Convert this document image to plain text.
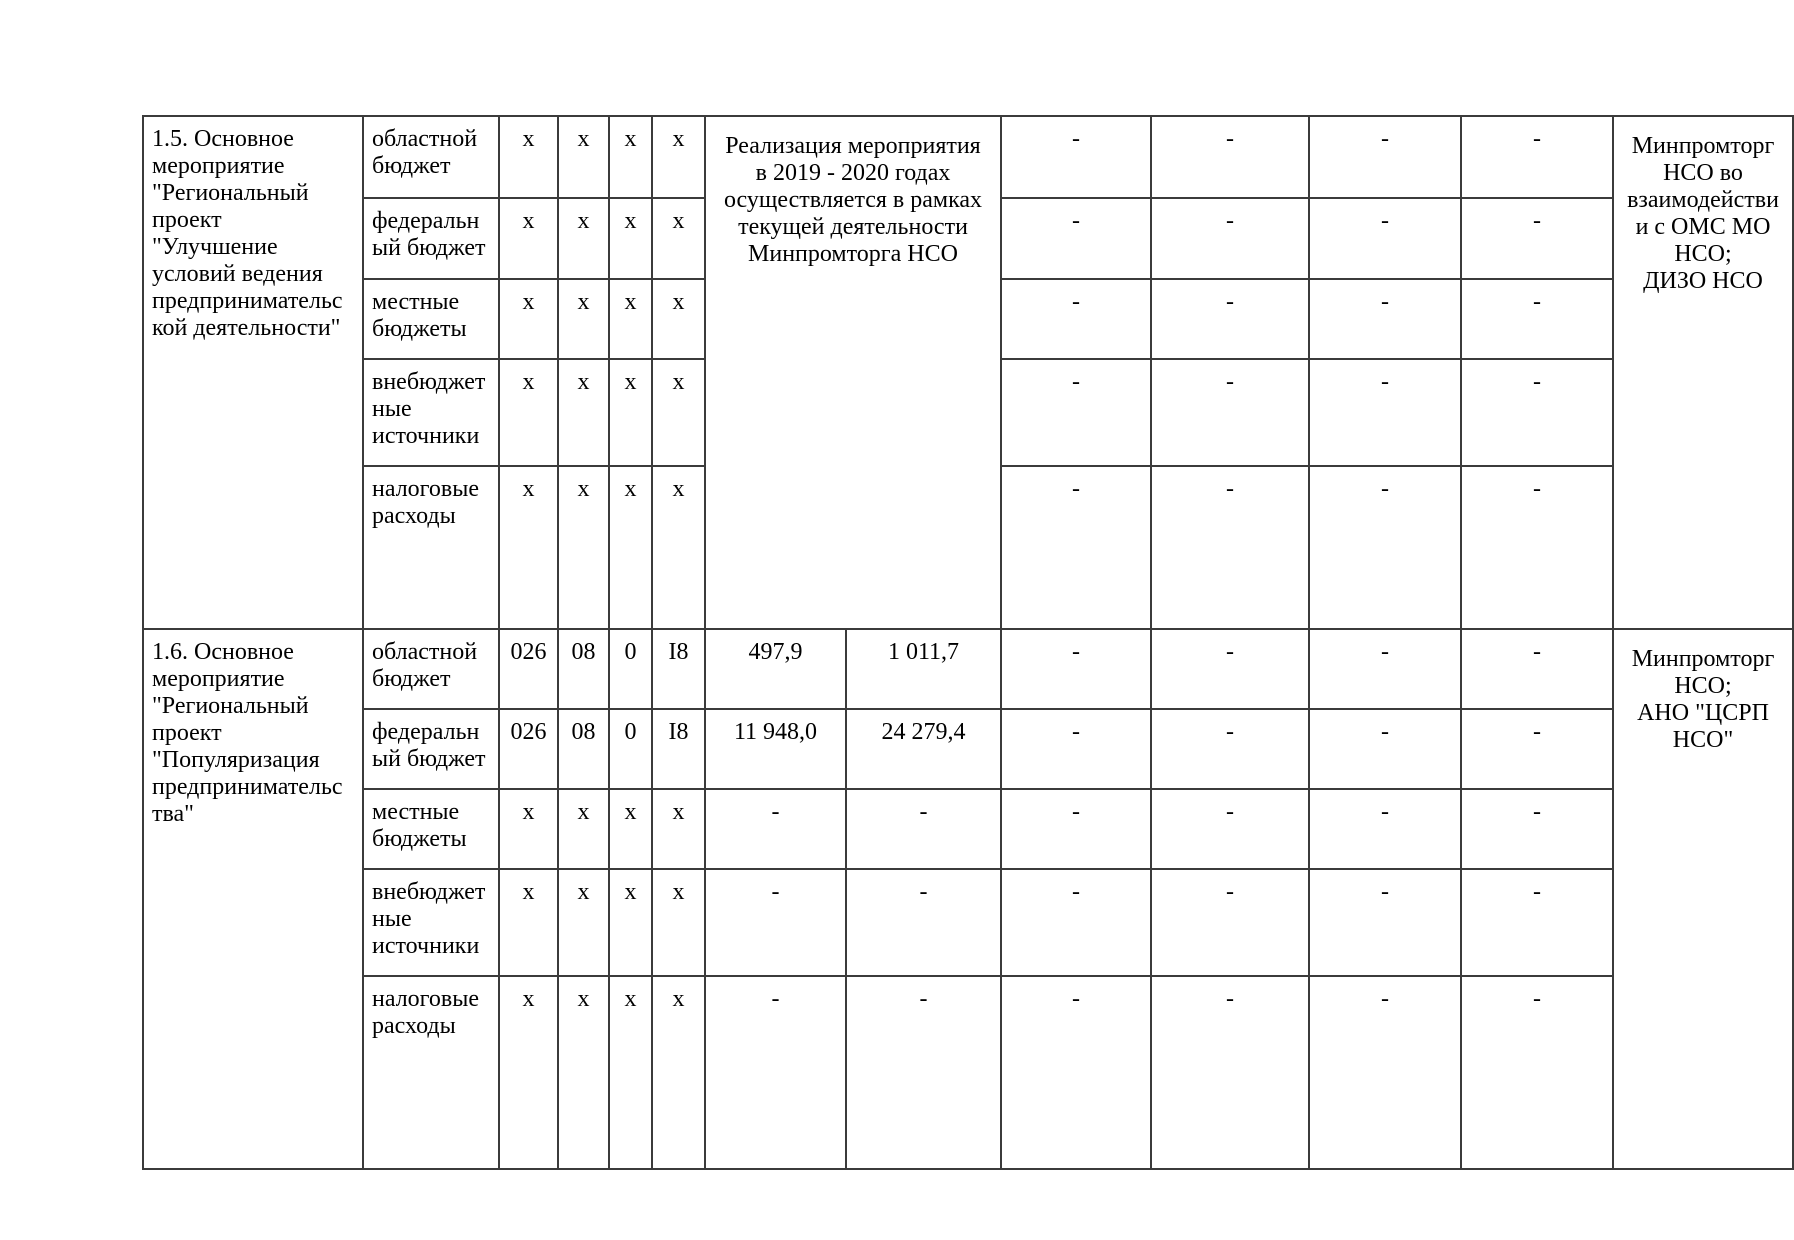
1.5. Основное
мероприятие
"Региональный
проект
"Улучшение
условий ведения
предпринимательс
кой деятельности"	областной
бюджет	x	x	x	x	Реализация мероприятия
в 2019 - 2020 годах
осуществляется в рамках
текущей деятельности
Минпромторга НСО	-	-	-	-	Минпромторг
НСО во
взаимодействи
и с ОМС МО
НСО;
ДИЗО НСО
	федеральн
ый бюджет	x	x	x	x			-	-	-	-	
	местные
бюджеты	x	x	x	x			-	-	-	-	
	внебюджет
ные
источники	x	x	x	x			-	-	-	-	
	налоговые
расходы	x	x	x	x			-	-	-	-	
1.6. Основное
мероприятие
"Региональный
проект
"Популяризация
предпринимательс
тва"	областной
бюджет	026	08	0	I8	497,9	1 011,7	-	-	-	-	Минпромторг
НСО;
АНО "ЦСРП
НСО"
	федеральн
ый бюджет	026	08	0	I8	11 948,0	24 279,4	-	-	-	-	
	местные
бюджеты	x	x	x	x	-	-	-	-	-	-	
	внебюджет
ные
источники	x	x	x	x	-	-	-	-	-	-	
	налоговые
расходы	x	x	x	x	-	-	-	-	-	-	
